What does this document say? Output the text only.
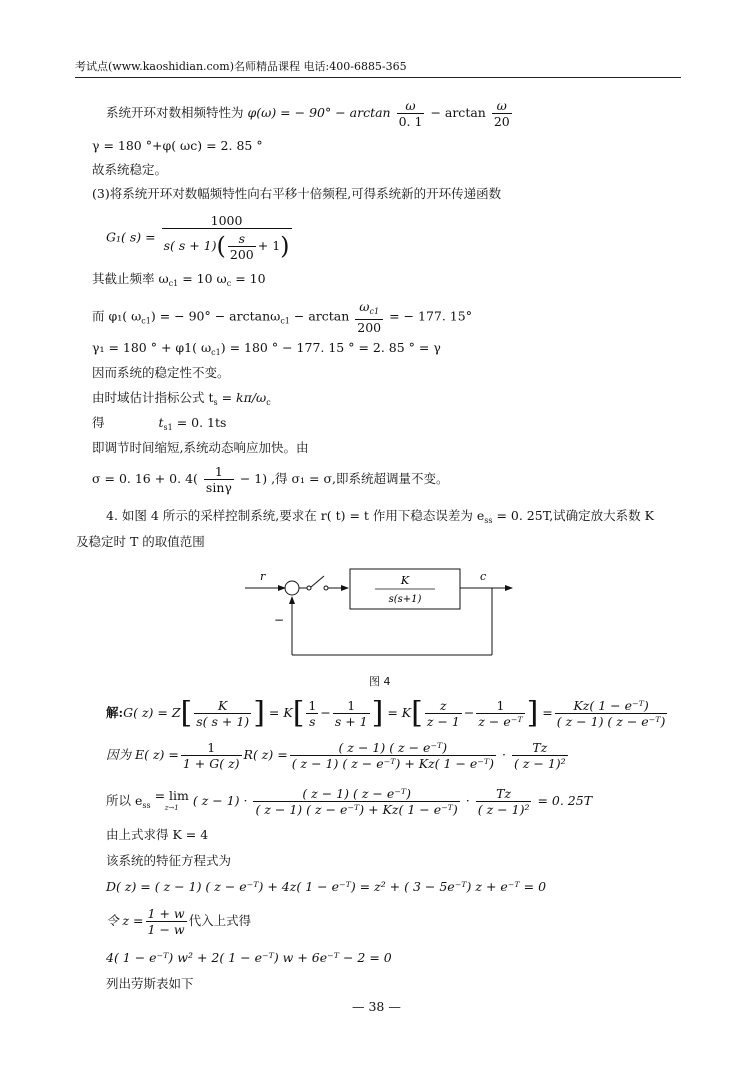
考试点(www.kaoshidian.com)名师精品课程 电话:400-6885-365
系统开环对数相频特性为 φ(ω) = − $90^\circ - \arctan \frac{\omega}{0. 1} - \arctan \frac{\omega}{20}$
γ = 180 °+φ( ωc) = 2. 85 °
故系统稳定。
(3)将系统开环对数幅频特性向右平移十倍频程,可得系统新的开环传递函数
G₁( $s) = \frac{1000}{s( s + 1)( \frac{s}{200} + 1)}$
其截止频率 $\omega_{c1} = 10$ $\omega_c = 10$
而 φ₁( $\omega_{c1}$) = − $90^\circ - \arctan\omega_{c1} - \arctan \frac{\omega_{c1}}{200}$ = − 177. 15°
γ₁ = 180 ° + φ1( $\omega_{c1}) = 180$ ° − 177. 15 ° = 2. 85 ° = γ
因而系统的稳定性不变。
由时域估计指标公式 $t_s = k\pi/\omega_c$
得	$t_{s1} = 0$. 1ts
即调节时间缩短,系统动态响应加快。由
σ = 0. 16 + 0. $4( \frac{1}{\sin\gamma} - 1)$ ,得 σ₁ = σ,即系统超调量不变。
4. 如图 4 所示的采样控制系统,要求在 r( t) = t 作用下稳态误差为 $e_{ss} = 0$. 25T,试确定放大系数 K
及稳定时 T 的取值范围
r	c
K
s(s+1)
−
图 4
解:G( $z) = Z[ \frac{K}{s( s + 1)}$ ] = $K[ \frac{1}{s} - \frac{1}{s + 1}$ ] = $K[ \frac{z}{z - 1} - \frac{1}{\text{z − e⁻ᵀ}}$ ] = $\frac{\text{Kz( 1 − e⁻ᵀ)}}{\text{( z − 1) ( z − e⁻ᵀ)}}$
因为 E( $z) = \frac{1}{1 + G( z)} R$( $z) = \frac{\text{( z − 1) ( z − e⁻ᵀ)}}{\text{( z − 1) ( z − e⁻ᵀ) + Kz( 1 − e⁻ᵀ)}} \cdot \frac{Tz}{\text{( z − 1)²}}$
所以 $e_{ss}$
= lim
z→1	( $z - 1) \cdot \frac{\text{( z − 1) ( z − e⁻ᵀ)}}{\text{( z − 1) ( z − e⁻ᵀ) + Kz( 1 − e⁻ᵀ)}} \cdot \frac{Tz}{\text{( z − 1)²}} = 0$. 25T
由上式求得 K = 4
该系统的特征方程式为
D( z) = ( z − 1) ( z − e⁻ᵀ) + 4z( 1 − e⁻ᵀ) = z² + ( 3 − 5e⁻ᵀ) z + e⁻ᵀ = 0
令 $z = \frac{1 + w}{1 - w}$ 代入上式得
4( 1 − e⁻ᵀ) w² + 2( 1 − e⁻ᵀ) w + 6e⁻ᵀ − 2 = 0
列出劳斯表如下
— 38 —
